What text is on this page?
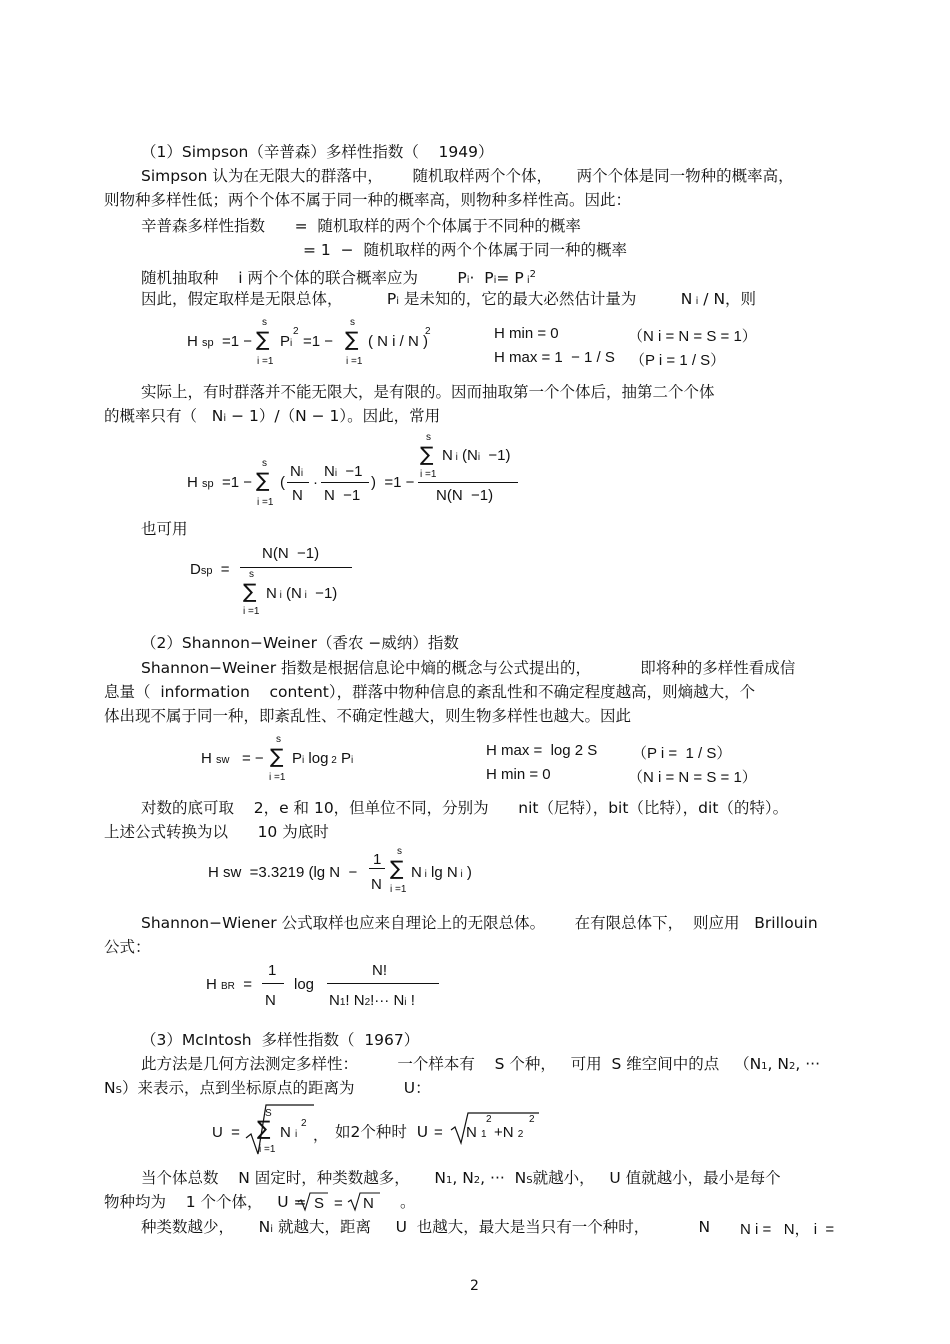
（1）Simpson（辛普森）多样性指数（    1949）
Simpson 认为在无限大的群落中，      随机取样两个个体，     两个个体是同一物种的概率高，
则物种多样性低；两个个体不属于同一种的概率高，则物种多样性高。因此：
辛普森多样性指数      =  随机取样的两个个体属于不同种的概率
= 1  −  随机取样的两个个体属于同一种的概率
随机抽取种    i 两个个体的联合概率应为        Pi·  Pi= P $i^2$
因此，假定取样是无限总体，         Pi 是未知的，它的最大必然估计量为	N i / N，则
H sp  =1 −
s
∑
i =1
Pi
2
=1 −
s
∑
i =1
( N i / N )
2	H min = 0	（N i = N = S = 1）
H max = 1  − 1 / S （P i = 1 / S）
实际上，有时群落并不能无限大，是有限的。因而抽取第一个个体后，抽第二个个体
的概率只有（   Ni − 1）/（N − 1）。因此，常用
H sp  =1 −
s
∑
i =1
(
Ni
N
·
Ni  −1
N  −1
)  =1 −
s
∑
i =1
N i (Ni  −1)
N(N  −1)
也可用
Dsp  =
N(N  −1)
s
∑
i =1
N i (N i  −1)
（2）Shannon−Weiner（香农 −威纳）指数
Shannon−Weiner 指数是根据信息论中熵的概念与公式提出的，          即将种的多样性看成信
息量（  information    content），群落中物种信息的紊乱性和不确定程度越高，则熵越大，个
体出现不属于同一种，即紊乱性、不确定性越大，则生物多样性也越大。因此
H sw   = −
s
∑
i =1
Pi log 2 Pi
H max =  log 2 S （P i =  1 / S）
H min = 0	（N i = N = S = 1）
对数的底可取    2，e 和 10，但单位不同，分别为      nit（尼特），bit（比特），dit（的特）。
上述公式转换为以      10 为底时
H sw  =3.3219 (lg N  −
1
N
s
∑
i =1
N i lg N i )
Shannon−Wiener 公式取样也应来自理论上的无限总体。      在有限总体下，  则应用   Brillouin
公式：
H BR  =
1
N
log
N!
N1! N2!··· Ni !
（3）McIntosh  多样性指数（  1967）
此方法是几何方法测定多样性：        一个样本有    S 个种，   可用  S 维空间中的点   （N1, N2, ···
NS）来表示，点到坐标原点的距离为          U：
U  =
S
∑
i =1
N i
2
， 如2个种时  U = N 1
2
+N 2
2
当个体总数    N 固定时，种类数越多，     N1, N2, ···  NS就越小，   U 值就越小，最小是每个
物种均为    1 个个体，   U = S = N 。
种类数越少，     Ni 就越大，距离     U  也越大，最大是当只有一个种时，          N N i =   N， i  =
2
